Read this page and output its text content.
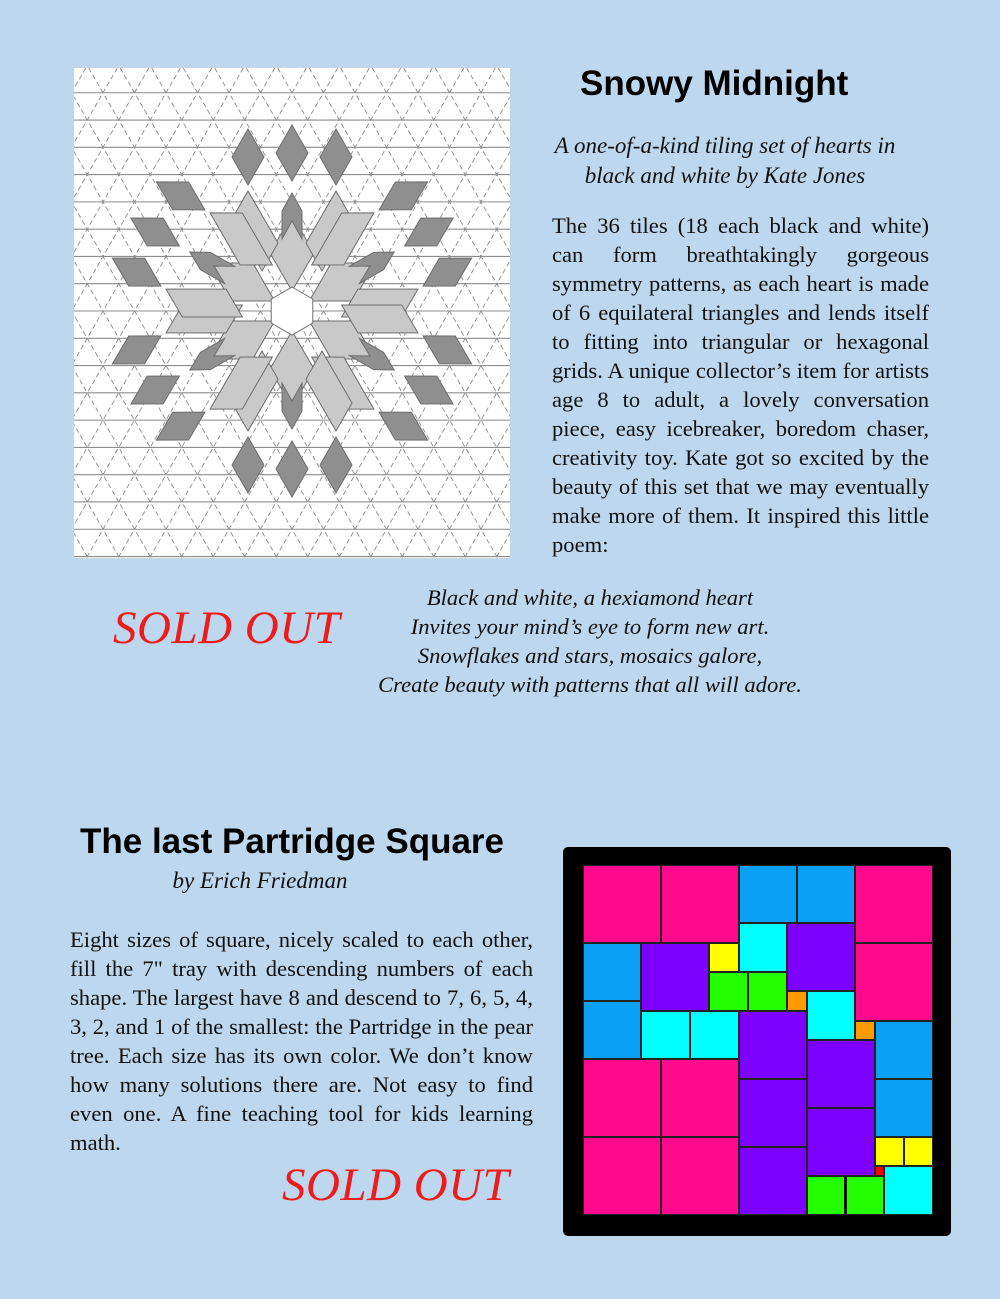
Snowy Midnight
A one-of-a-kind tiling set of hearts in
black and white by Kate Jones

The 36 tiles (18 each black and white) can form breathtakingly gorgeous symmetry patterns, as each heart is made of 6 equilateral triangles and lends itself to fitting into triangular or hexagonal grids. A unique collector’s item for artists age 8 to adult, a lovely conversation piece, easy icebreaker, boredom chaser, creativity toy. Kate got so excited by the beauty of this set that we may eventually make more of them. It inspired this little poem:

SOLD OUT
Black and white, a hexiamond heart
Invites your mind’s eye to form new art.
Snowflakes and stars, mosaics galore,
Create beauty with patterns that all will adore.
The last Partridge Square
by Erich Friedman

Eight sizes of square, nicely scaled to each other, fill the 7" tray with descending numbers of each shape. The largest have 8 and descend to 7, 6, 5, 4, 3, 2, and 1 of the smallest: the Partridge in the pear tree. Each size has its own color. We don’t know how many solutions there are. Not easy to find even one. A fine teaching tool for kids learning math.

SOLD OUT
